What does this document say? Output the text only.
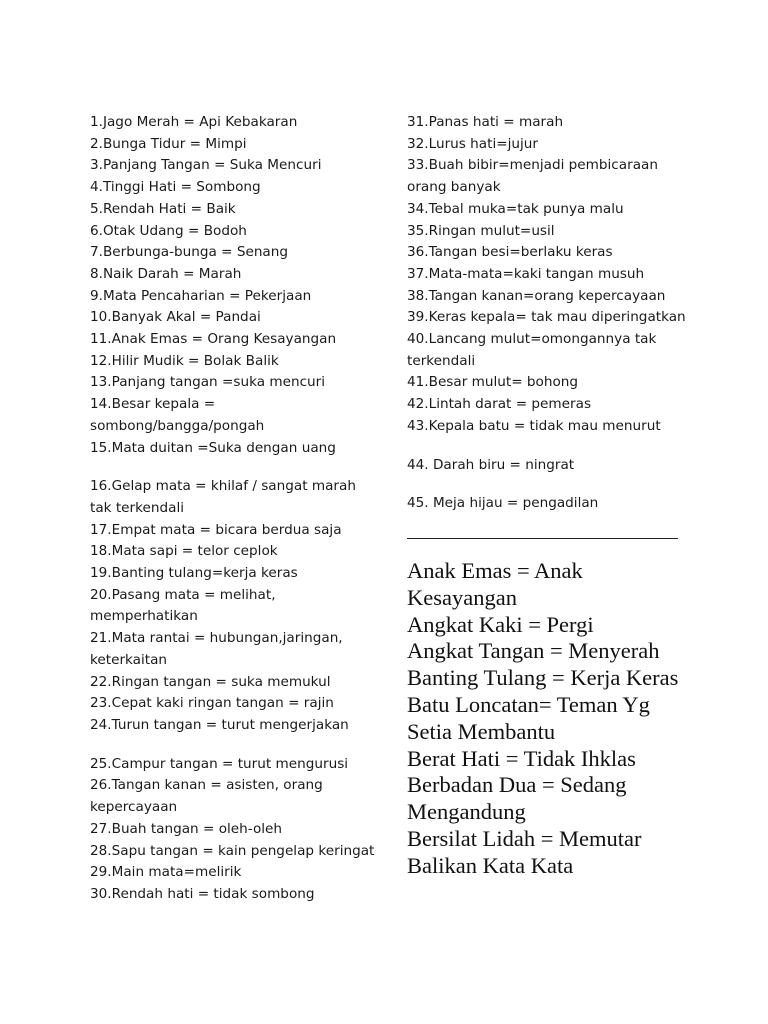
1.Jago Merah = Api Kebakaran

2.Bunga Tidur = Mimpi

3.Panjang Tangan = Suka Mencuri

4.Tinggi Hati = Sombong

5.Rendah Hati = Baik

6.Otak Udang = Bodoh

7.Berbunga-bunga = Senang

8.Naik Darah = Marah

9.Mata Pencaharian = Pekerjaan

10.Banyak Akal = Pandai

11.Anak Emas = Orang Kesayangan

12.Hilir Mudik = Bolak Balik

13.Panjang tangan =suka mencuri

14.Besar kepala = sombong/bangga/pongah

15.Mata duitan =Suka dengan uang

16.Gelap mata = khilaf / sangat marah tak terkendali

17.Empat mata = bicara berdua saja

18.Mata sapi = telor ceplok

19.Banting tulang=kerja keras

20.Pasang mata = melihat, memperhatikan

21.Mata rantai = hubungan,jaringan, keterkaitan

22.Ringan tangan = suka memukul

23.Cepat kaki ringan tangan = rajin

24.Turun tangan = turut mengerjakan

25.Campur tangan = turut mengurusi

26.Tangan kanan = asisten, orang kepercayaan

27.Buah tangan = oleh-oleh

28.Sapu tangan = kain pengelap keringat

29.Main mata=melirik

30.Rendah hati = tidak sombong

31.Panas hati = marah

32.Lurus hati=jujur

33.Buah bibir=menjadi pembicaraan orang banyak

34.Tebal muka=tak punya malu

35.Ringan mulut=usil

36.Tangan besi=berlaku keras

37.Mata-mata=kaki tangan musuh

38.Tangan kanan=orang kepercayaan

39.Keras kepala= tak mau diperingatkan

40.Lancang mulut=omongannya tak terkendali

41.Besar mulut= bohong

42.Lintah darat = pemeras

43.Kepala batu = tidak mau menurut

44. Darah biru = ningrat

45. Meja hijau = pengadilan

Anak Emas = Anak Kesayangan

Angkat Kaki = Pergi

Angkat Tangan = Menyerah

Banting Tulang = Kerja Keras

Batu Loncatan= Teman Yg Setia Membantu

Berat Hati = Tidak Ihklas

Berbadan Dua = Sedang Mengandung

Bersilat Lidah = Memutar Balikan Kata Kata
